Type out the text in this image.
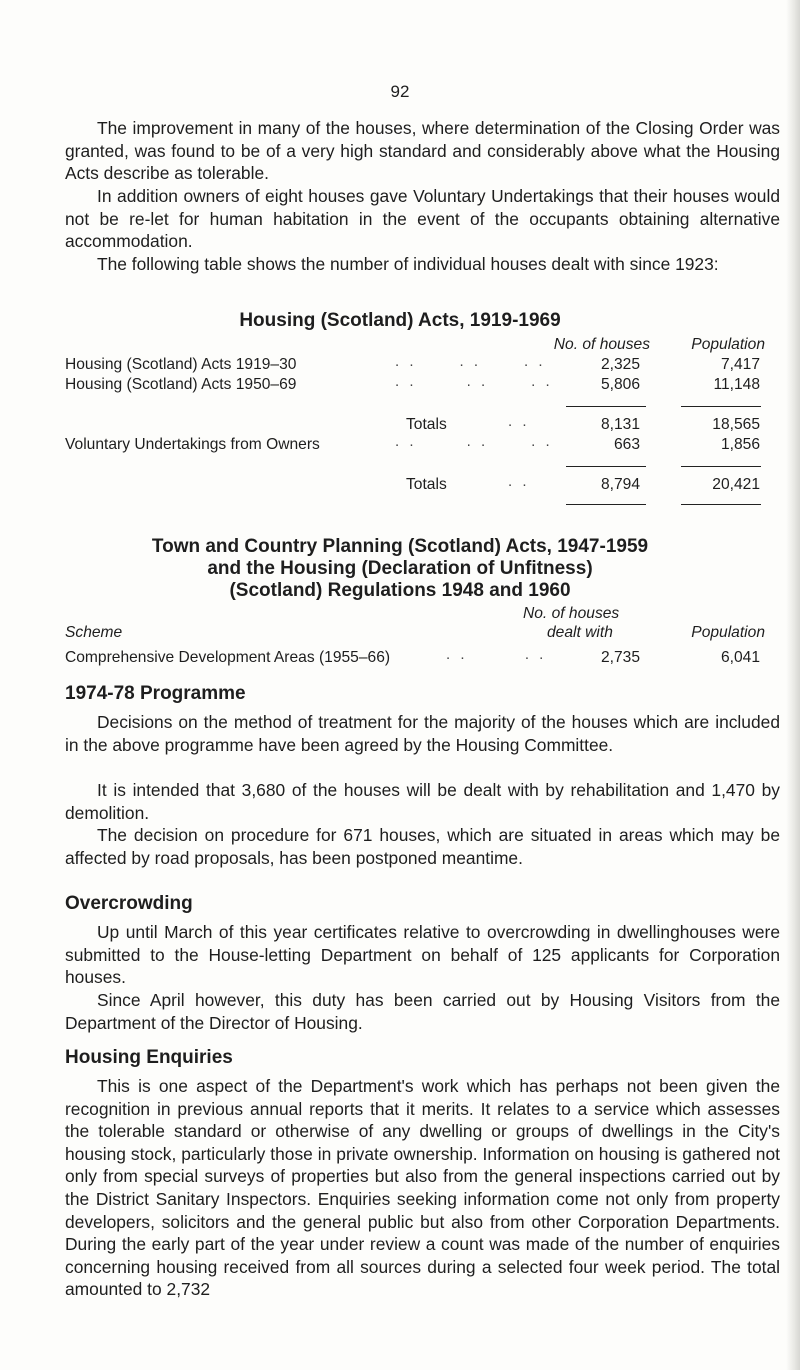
92

The improvement in many of the houses, where determination of the Closing Order was granted, was found to be of a very high standard and considerably above what the Housing Acts describe as tolerable.

In addition owners of eight houses gave Voluntary Undertakings that their houses would not be re-let for human habitation in the event of the occupants obtaining alternative accommodation.

The following table shows the number of individual houses dealt with since 1923:

Housing (Scotland) Acts, 1919-1969
No. of houses	Population
Housing (Scotland) Acts 1919–30	. .      . .      . .	2,325	7,417
Housing (Scotland) Acts 1950–69	. .       . .      . .	5,806	11,148
Totals	. .	8,131	18,565
Voluntary Undertakings from Owners	. .       . .      . .	663	1,856
Totals	. .	8,794	20,421
Town and Country Planning (Scotland) Acts, 1947-1959
and the Housing (Declaration of Unfitness)
(Scotland) Regulations 1948 and 1960
No. of houses
Scheme	dealt with	Population
Comprehensive Development Areas (1955–66)	. .        . .	2,735	6,041
1974-78 Programme

Decisions on the method of treatment for the majority of the houses which are included in the above programme have been agreed by the Housing Committee.

It is intended that 3,680 of the houses will be dealt with by rehabilitation and 1,470 by demolition.

The decision on procedure for 671 houses, which are situated in areas which may be affected by road proposals, has been postponed meantime.

Overcrowding

Up until March of this year certificates relative to overcrowding in dwellinghouses were submitted to the House-letting Department on behalf of 125 applicants for Corporation houses.

Since April however, this duty has been carried out by Housing Visitors from the Department of the Director of Housing.

Housing Enquiries

This is one aspect of the Department's work which has perhaps not been given the recognition in previous annual reports that it merits. It relates to a service which assesses the tolerable standard or otherwise of any dwelling or groups of dwellings in the City's housing stock, particularly those in private ownership. Information on housing is gathered not only from special surveys of properties but also from the general inspections carried out by the District Sanitary Inspectors. Enquiries seeking information come not only from property developers, solicitors and the general public but also from other Corporation Departments. During the early part of the year under review a count was made of the number of enquiries concerning housing received from all sources during a selected four week period. The total amounted to 2,732
